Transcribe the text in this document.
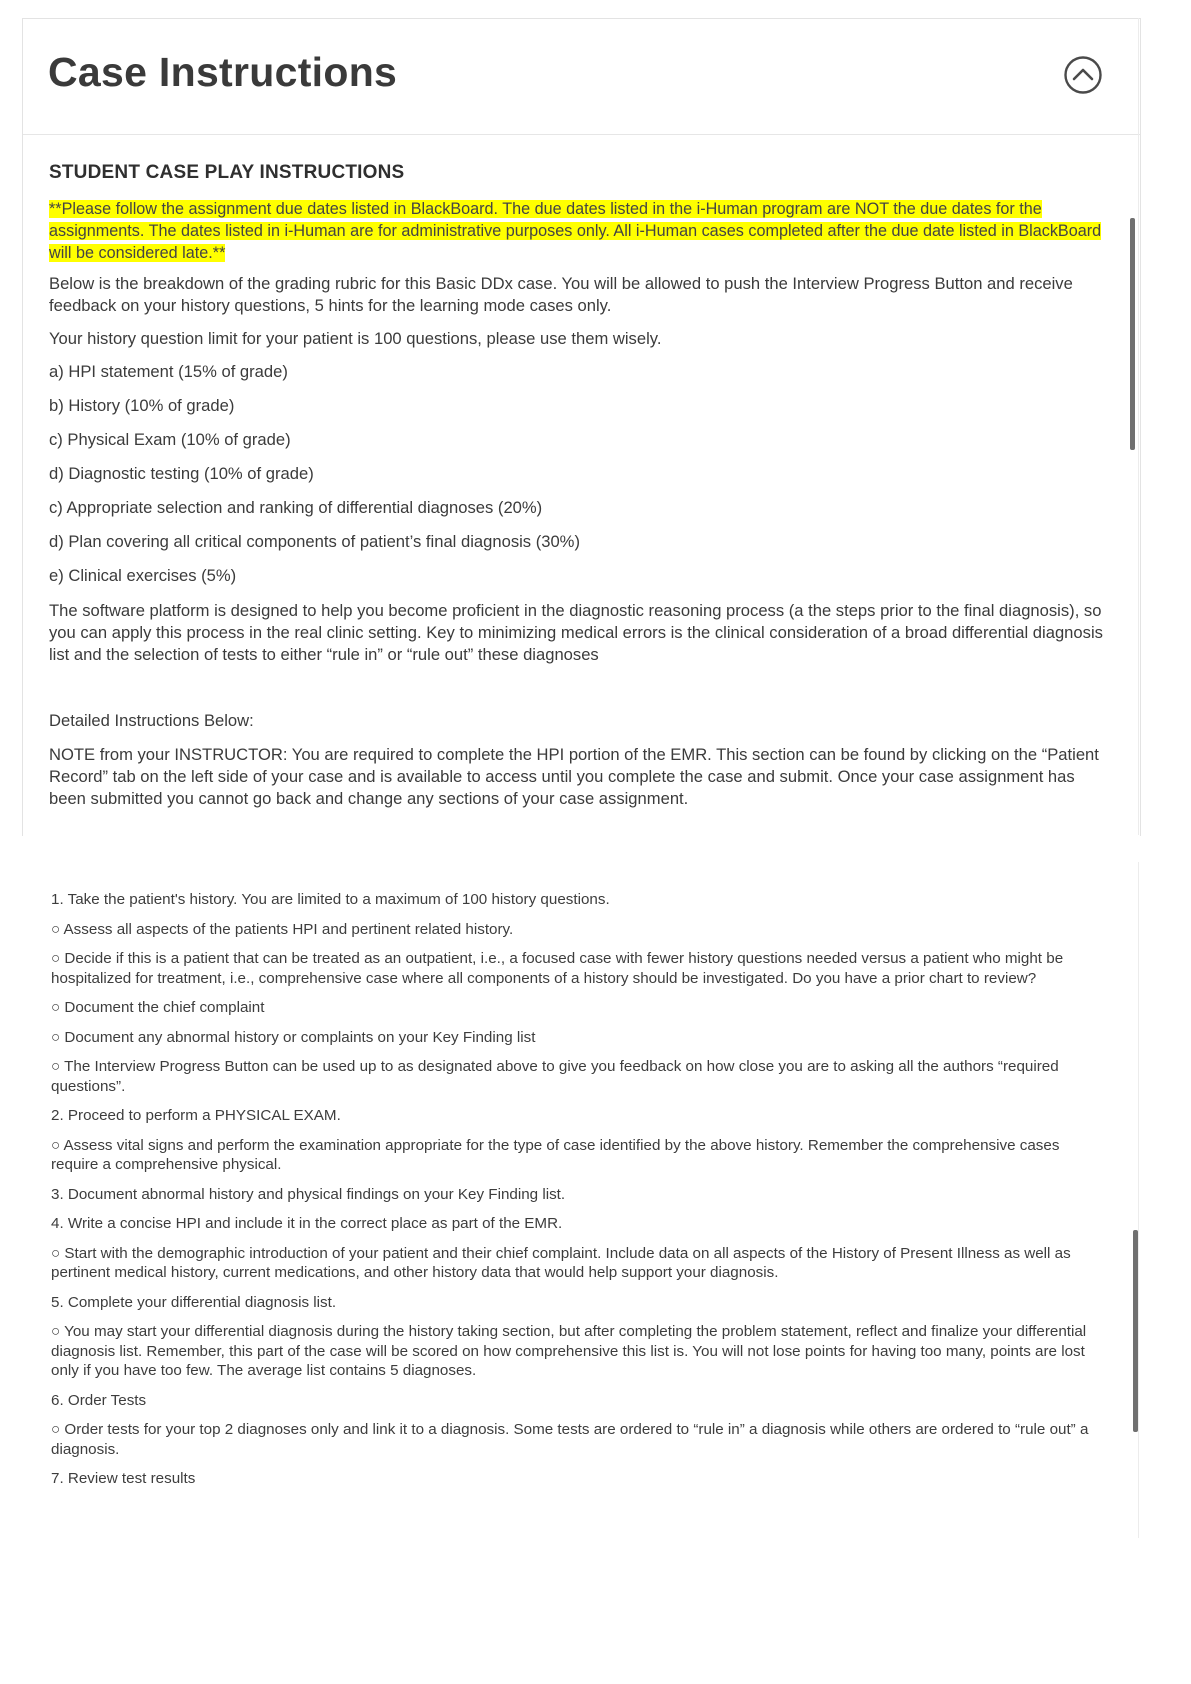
Case Instructions
STUDENT CASE PLAY INSTRUCTIONS

**Please follow the assignment due dates listed in BlackBoard. The due dates listed in the i-Human program are NOT the due dates for the assignments. The dates listed in i-Human are for administrative purposes only. All i-Human cases completed after the due date listed in BlackBoard will be considered late.**

Below is the breakdown of the grading rubric for this Basic DDx case. You will be allowed to push the Interview Progress Button and receive feedback on your history questions, 5 hints for the learning mode cases only.

Your history question limit for your patient is 100 questions, please use them wisely.

a) HPI statement (15% of grade)
b) History (10% of grade)
c) Physical Exam (10% of grade)
d) Diagnostic testing (10% of grade)
c) Appropriate selection and ranking of differential diagnoses (20%)
d) Plan covering all critical components of patient’s final diagnosis (30%)
e) Clinical exercises (5%)

The software platform is designed to help you become proficient in the diagnostic reasoning process (a the steps prior to the final diagnosis), so you can apply this process in the real clinic setting. Key to minimizing medical errors is the clinical consideration of a broad differential diagnosis list and the selection of tests to either “rule in” or “rule out” these diagnoses

Detailed Instructions Below:

NOTE from your INSTRUCTOR: You are required to complete the HPI portion of the EMR. This section can be found by clicking on the “Patient Record” tab on the left side of your case and is available to access until you complete the case and submit. Once your case assignment has been submitted you cannot go back and change any sections of your case assignment.

1. Take the patient's history. You are limited to a maximum of 100 history questions.

○ Assess all aspects of the patients HPI and pertinent related history.

○ Decide if this is a patient that can be treated as an outpatient, i.e., a focused case with fewer history questions needed versus a patient who might be hospitalized for treatment, i.e., comprehensive case where all components of a history should be investigated. Do you have a prior chart to review?

○ Document the chief complaint

○ Document any abnormal history or complaints on your Key Finding list

○ The Interview Progress Button can be used up to as designated above to give you feedback on how close you are to asking all the authors “required questions”.

2. Proceed to perform a PHYSICAL EXAM.

○ Assess vital signs and perform the examination appropriate for the type of case identified by the above history. Remember the comprehensive cases require a comprehensive physical.

3. Document abnormal history and physical findings on your Key Finding list.

4. Write a concise HPI and include it in the correct place as part of the EMR.

○ Start with the demographic introduction of your patient and their chief complaint. Include data on all aspects of the History of Present Illness as well as pertinent medical history, current medications, and other history data that would help support your diagnosis.

5. Complete your differential diagnosis list.

○ You may start your differential diagnosis during the history taking section, but after completing the problem statement, reflect and finalize your differential diagnosis list. Remember, this part of the case will be scored on how comprehensive this list is. You will not lose points for having too many, points are lost only if you have too few. The average list contains 5 diagnoses.

6. Order Tests

○ Order tests for your top 2 diagnoses only and link it to a diagnosis. Some tests are ordered to “rule in” a diagnosis while others are ordered to “rule out” a diagnosis.

7. Review test results
